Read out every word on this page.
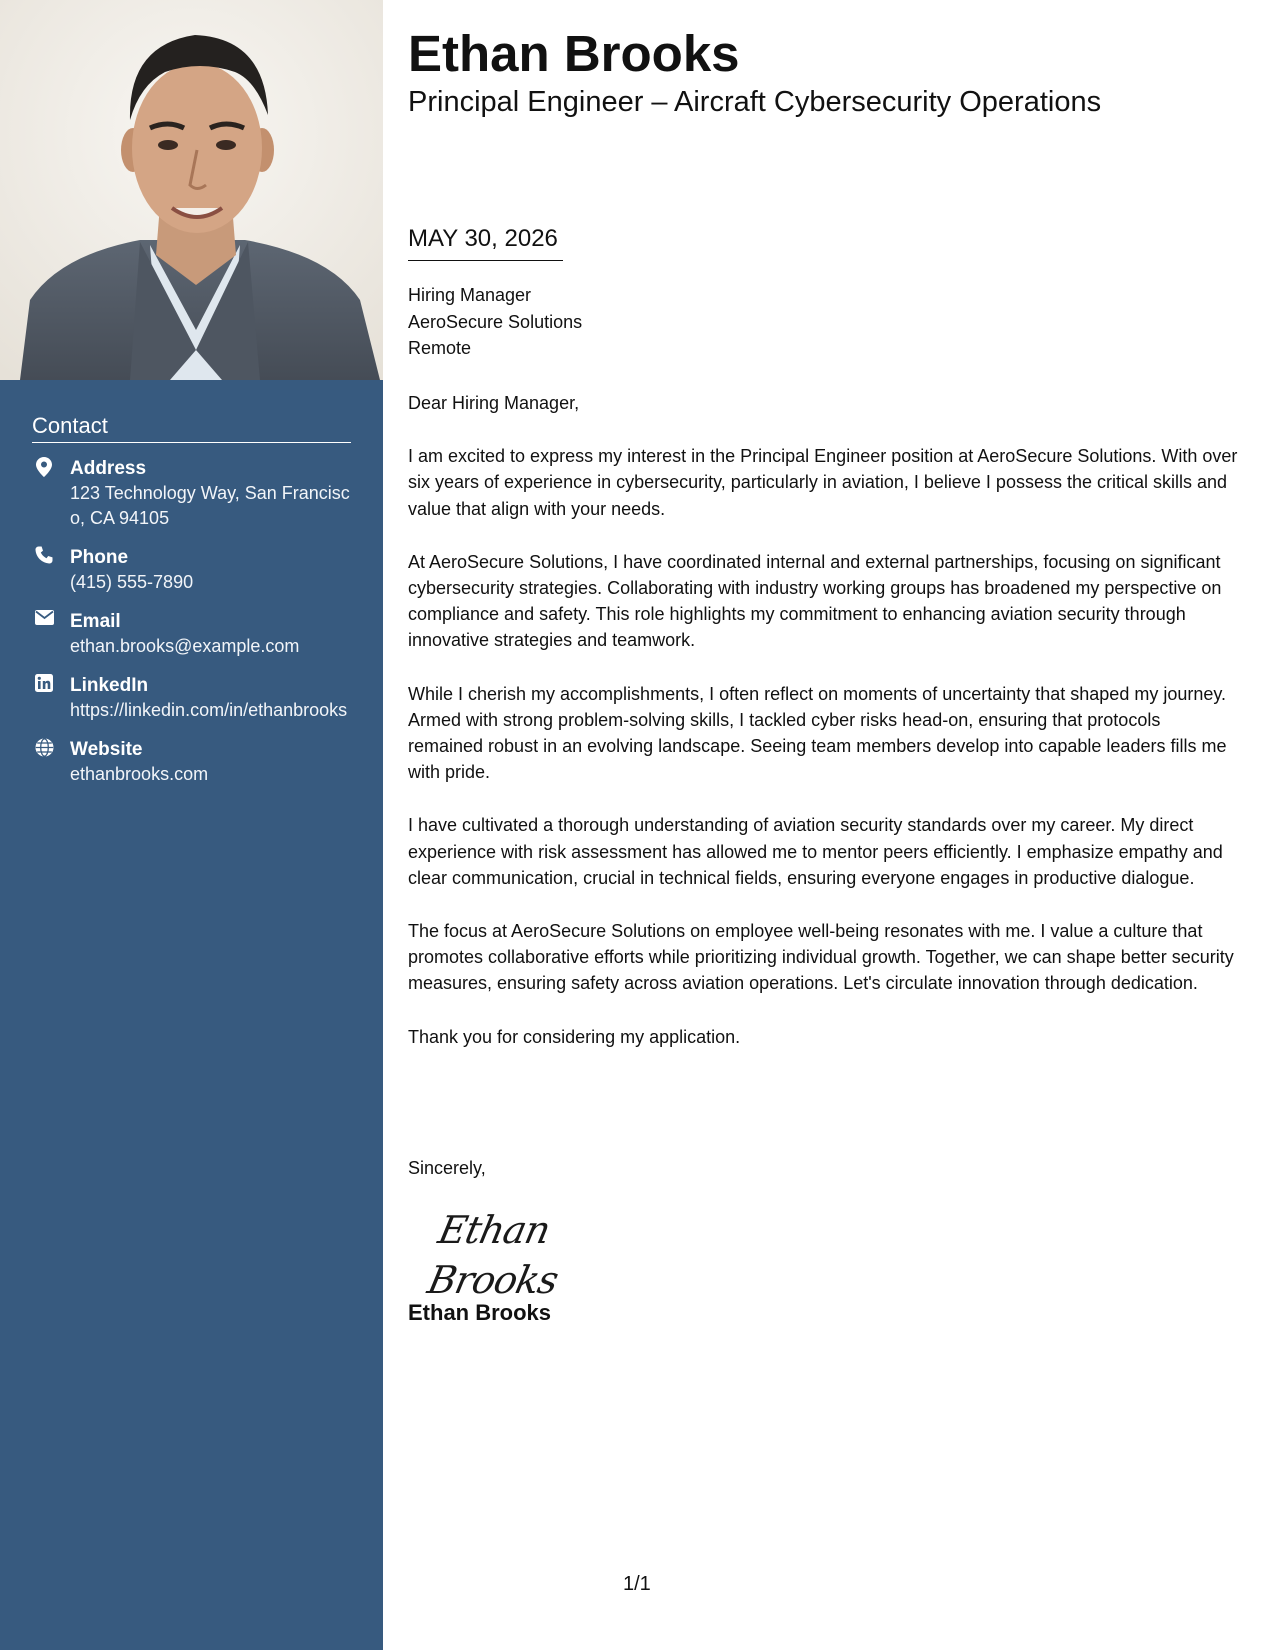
Contact
Address
123 Technology Way, San Francisco, CA 94105
Phone
(415) 555-7890
Email
ethan.brooks@example.com
LinkedIn
https://linkedin.com/in/ethanbrooks
Website
ethanbrooks.com
Ethan Brooks
Principal Engineer – Aircraft Cybersecurity Operations
MAY 30, 2026
Hiring Manager
AeroSecure Solutions
Remote

Dear Hiring Manager,

I am excited to express my interest in the Principal Engineer position at AeroSecure Solutions. With over six years of experience in cybersecurity, particularly in aviation, I believe I possess the critical skills and value that align with your needs.

At AeroSecure Solutions, I have coordinated internal and external partnerships, focusing on significant cybersecurity strategies. Collaborating with industry working groups has broadened my perspective on compliance and safety. This role highlights my commitment to enhancing aviation security through innovative strategies and teamwork.

While I cherish my accomplishments, I often reflect on moments of uncertainty that shaped my journey. Armed with strong problem-solving skills, I tackled cyber risks head-on, ensuring that protocols remained robust in an evolving landscape. Seeing team members develop into capable leaders fills me with pride.

I have cultivated a thorough understanding of aviation security standards over my career. My direct experience with risk assessment has allowed me to mentor peers efficiently. I emphasize empathy and clear communication, crucial in technical fields, ensuring everyone engages in productive dialogue.

The focus at AeroSecure Solutions on employee well-being resonates with me. I value a culture that promotes collaborative efforts while prioritizing individual growth. Together, we can shape better security measures, ensuring safety across aviation operations. Let's circulate innovation through dedication.

Thank you for considering my application.

Sincerely,
Ethan Brooks
Ethan Brooks
1/1
